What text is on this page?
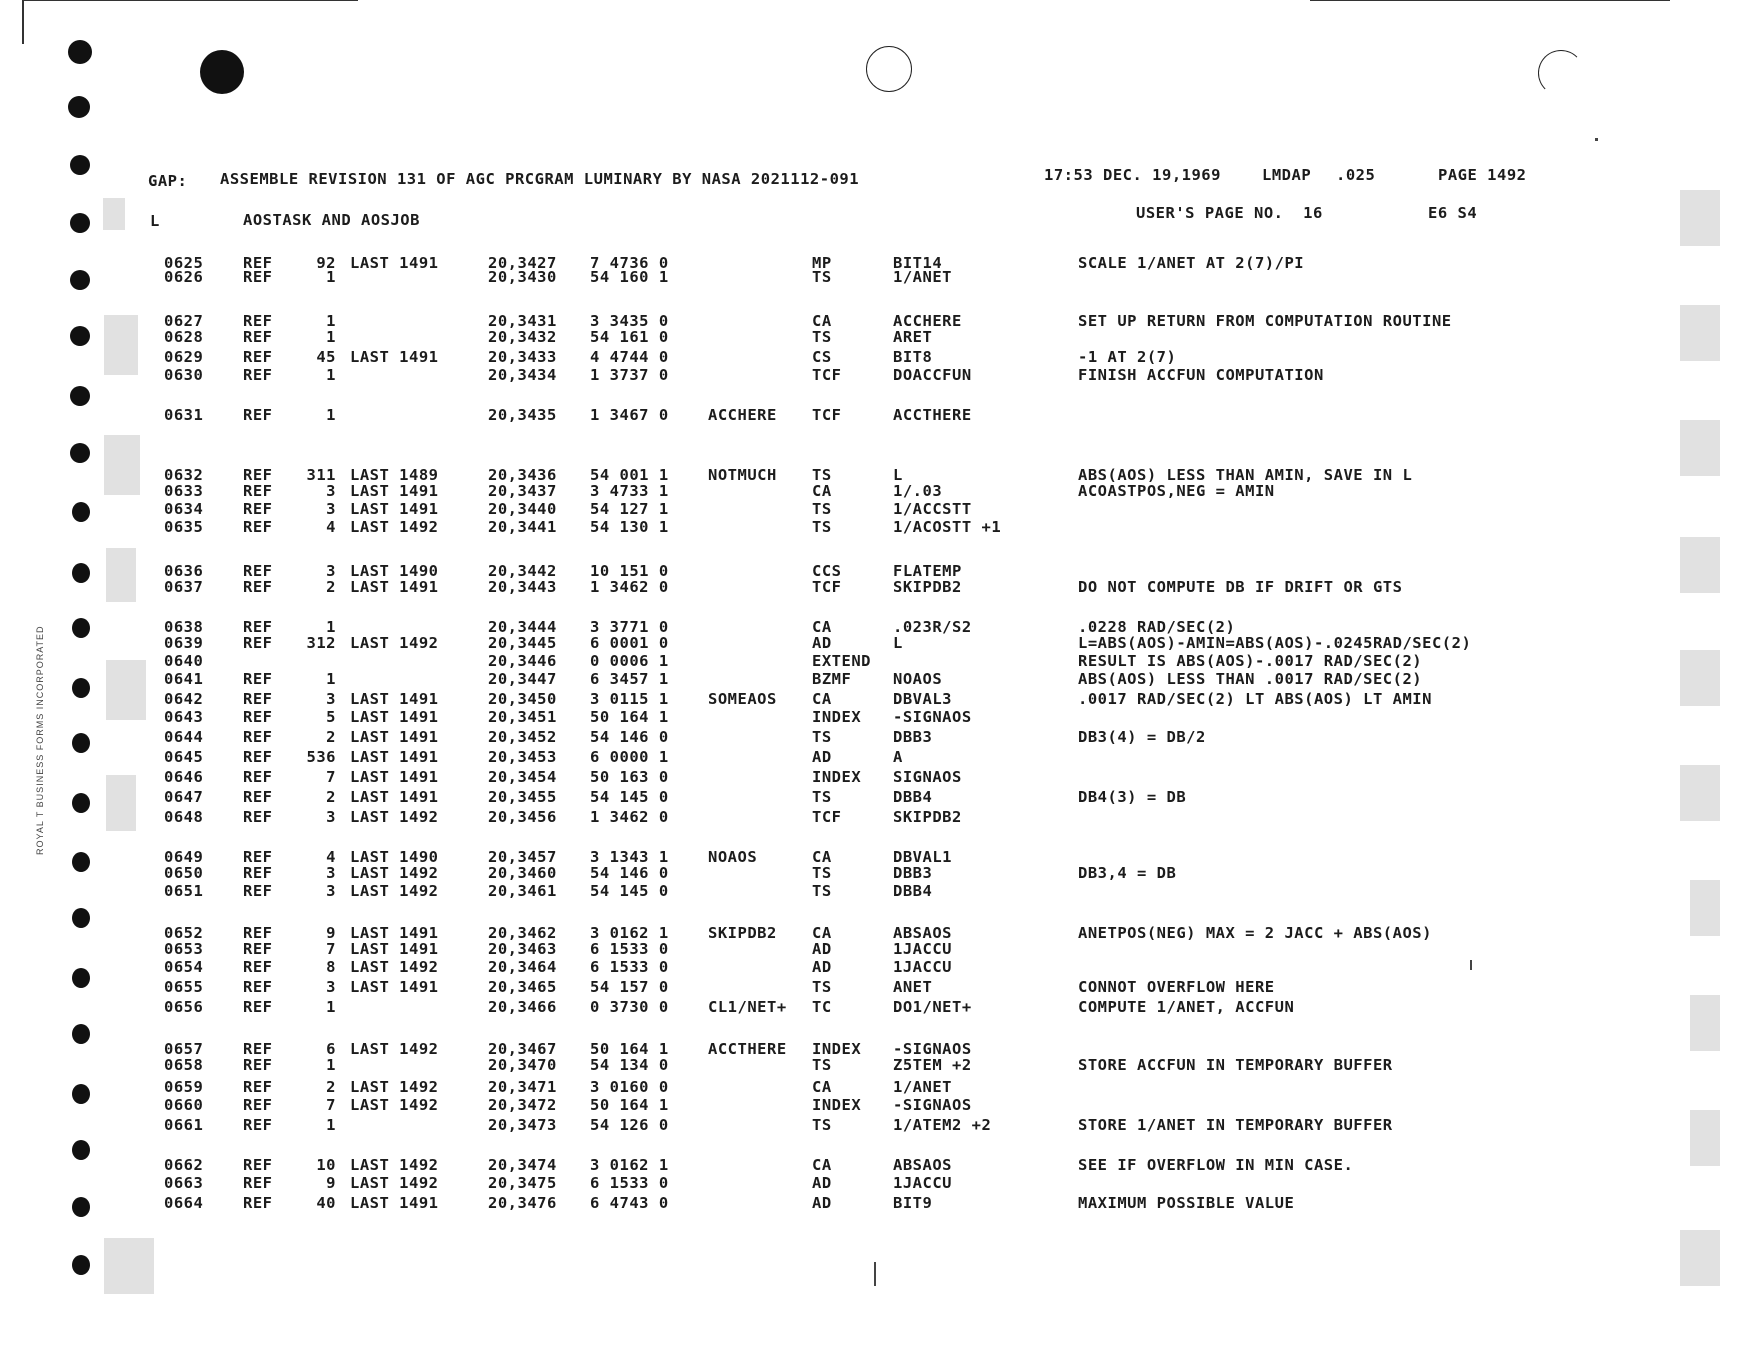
ROYAL T BUSINESS FORMS INCORPORATED
GAP: ASSEMBLE REVISION 131 OF AGC PRCGRAM LUMINARY BY NASA 2021112-091	17:53 DEC. 19,1969	LMDAP .025	PAGE 1492
L	AOSTASK AND AOSJOB	USER'S PAGE NO.  16	E6 S4
0625	REF	92 LAST 1491	20,3427 7 4736 0	MP	BIT14	SCALE 1/ANET AT 2(7)/PI
0626	REF	1	20,3430 54 160 1	TS	1/ANET
0627	REF	1	20,3431 3 3435 0	CA	ACCHERE	SET UP RETURN FROM COMPUTATION ROUTINE
0628	REF	1	20,3432 54 161 0	TS	ARET
0629	REF	45 LAST 1491	20,3433 4 4744 0	CS	BIT8	-1 AT 2(7)
0630	REF	1	20,3434 1 3737 0	TCF	DOACCFUN	FINISH ACCFUN COMPUTATION
0631	REF	1	20,3435 1 3467 0	ACCHERE TCF	ACCTHERE
0632	REF 311 LAST 1489	20,3436 54 001 1	NOTMUCH TS	L	ABS(AOS) LESS THAN AMIN, SAVE IN L
0633	REF	3 LAST 1491	20,3437 3 4733 1	CA	1/.03	ACOASTPOS,NEG = AMIN
0634	REF	3 LAST 1491	20,3440 54 127 1	TS	1/ACCSTT
0635	REF	4 LAST 1492	20,3441 54 130 1	TS	1/ACOSTT +1
0636	REF	3 LAST 1490	20,3442 10 151 0	CCS	FLATEMP
0637	REF	2 LAST 1491	20,3443 1 3462 0	TCF	SKIPDB2	DO NOT COMPUTE DB IF DRIFT OR GTS
0638	REF	1	20,3444 3 3771 0	CA	.023R/S2	.0228 RAD/SEC(2)
0639	REF 312 LAST 1492	20,3445 6 0001 0	AD	L	L=ABS(AOS)-AMIN=ABS(AOS)-.0245RAD/SEC(2)
0640	20,3446 0 0006 1	EXTEND	RESULT IS ABS(AOS)-.0017 RAD/SEC(2)
0641	REF	1	20,3447 6 3457 1	BZMF	NOAOS	ABS(AOS) LESS THAN .0017 RAD/SEC(2)
0642	REF	3 LAST 1491	20,3450 3 0115 1	SOMEAOS CA	DBVAL3	.0017 RAD/SEC(2) LT ABS(AOS) LT AMIN
0643	REF	5 LAST 1491	20,3451 50 164 1	INDEX -SIGNAOS
0644	REF	2 LAST 1491	20,3452 54 146 0	TS	DBB3	DB3(4) = DB/2
0645	REF 536 LAST 1491	20,3453 6 0000 1	AD	A
0646	REF	7 LAST 1491	20,3454 50 163 0	INDEX SIGNAOS
0647	REF	2 LAST 1491	20,3455 54 145 0	TS	DBB4	DB4(3) = DB
0648	REF	3 LAST 1492	20,3456 1 3462 0	TCF	SKIPDB2
0649	REF	4 LAST 1490	20,3457 3 1343 1	NOAOS	CA	DBVAL1
0650	REF	3 LAST 1492	20,3460 54 146 0	TS	DBB3	DB3,4 = DB
0651	REF	3 LAST 1492	20,3461 54 145 0	TS	DBB4
0652	REF	9 LAST 1491	20,3462 3 0162 1	SKIPDB2 CA	ABSAOS	ANETPOS(NEG) MAX = 2 JACC + ABS(AOS)
0653	REF	7 LAST 1491	20,3463 6 1533 0	AD	1JACCU
0654	REF	8 LAST 1492	20,3464 6 1533 0	AD	1JACCU
0655	REF	3 LAST 1491	20,3465 54 157 0	TS	ANET	CONNOT OVERFLOW HERE
0656	REF	1	20,3466 0 3730 0	CL1/NET+ TC	DO1/NET+	COMPUTE 1/ANET, ACCFUN
0657	REF	6 LAST 1492	20,3467 50 164 1	ACCTHERE INDEX -SIGNAOS
0658	REF	1	20,3470 54 134 0	TS	Z5TEM +2	STORE ACCFUN IN TEMPORARY BUFFER
0659	REF	2 LAST 1492	20,3471 3 0160 0	CA	1/ANET
0660	REF	7 LAST 1492	20,3472 50 164 1	INDEX -SIGNAOS
0661	REF	1	20,3473 54 126 0	TS	1/ATEM2 +2	STORE 1/ANET IN TEMPORARY BUFFER
0662	REF	10 LAST 1492	20,3474 3 0162 1	CA	ABSAOS	SEE IF OVERFLOW IN MIN CASE.
0663	REF	9 LAST 1492	20,3475 6 1533 0	AD	1JACCU
0664	REF	40 LAST 1491	20,3476 6 4743 0	AD	BIT9	MAXIMUM POSSIBLE VALUE
